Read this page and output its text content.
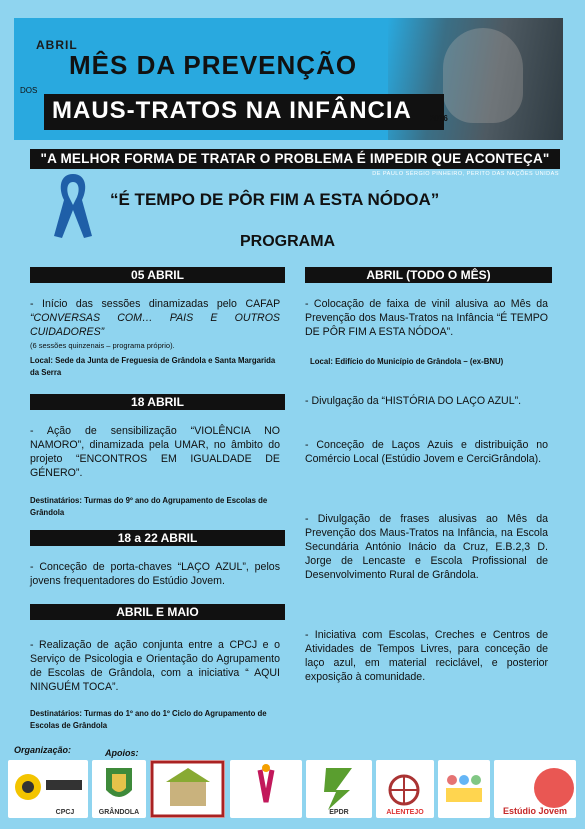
ABRIL
MÊS DA PREVENÇÃO
DOS
MAUS-TRATOS NA INFÂNCIA 2016
"A MELHOR FORMA DE TRATAR O PROBLEMA É IMPEDIR QUE ACONTEÇA"
DE PAULO SÉRGIO PINHEIRO, PERITO DAS NAÇÕES UNIDAS
“É TEMPO DE PÔR FIM A ESTA NÓDOA”
PROGRAMA
05 ABRIL
- Início das sessões dinamizadas pelo CAFAP “CONVERSAS COM… PAIS E OUTROS CUIDADORES”
(6 sessões quinzenais – programa próprio).
Local: Sede da Junta de Freguesia de Grândola e Santa Margarida da Serra
18 ABRIL
- Ação de sensibilização “VIOLÊNCIA NO NAMORO”, dinamizada pela UMAR, no âmbito do projeto “ENCONTROS EM IGUALDADE DE GÉNERO”.
Destinatários: Turmas do 9º ano do Agrupamento de Escolas de Grândola
18 a 22 ABRIL
- Conceção de porta-chaves “LAÇO AZUL”, pelos jovens frequentadores do Estúdio Jovem.
ABRIL E MAIO
- Realização de ação conjunta entre a CPCJ e o Serviço de Psicologia e Orientação do Agrupamento de Escolas de Grândola, com a iniciativa “ AQUI NINGUÉM TOCA”.
Destinatários: Turmas do 1º ano do 1º Ciclo do Agrupamento de Escolas de Grândola
ABRIL (TODO O MÊS)
- Colocação de faixa de vinil alusiva ao Mês da Prevenção dos Maus-Tratos na Infância “É TEMPO DE PÔR FIM A ESTA NÓDOA”.
Local: Edifício do Município de Grândola – (ex-BNU)
- Divulgação da “HISTÓRIA DO LAÇO AZUL”.
- Conceção de Laços Azuis e distribuição no Comércio Local (Estúdio Jovem e CerciGrândola).
- Divulgação de frases alusivas ao Mês da Prevenção dos Maus-Tratos na Infância, na Escola Secundária António Inácio da Cruz, E.B.2,3 D. Jorge de Lencaste e Escola Profissional de Desenvolvimento Rural de Grândola.
- Iniciativa com Escolas, Creches e Centros de Atividades de Tempos Livres, para conceção de laço azul, em material reciclável, e posterior exposição à comunidade.
Organização:	Apoios:
CPCJ	GRÂNDOLA	EPDR	ALENTEJO	Estúdio Jovem
